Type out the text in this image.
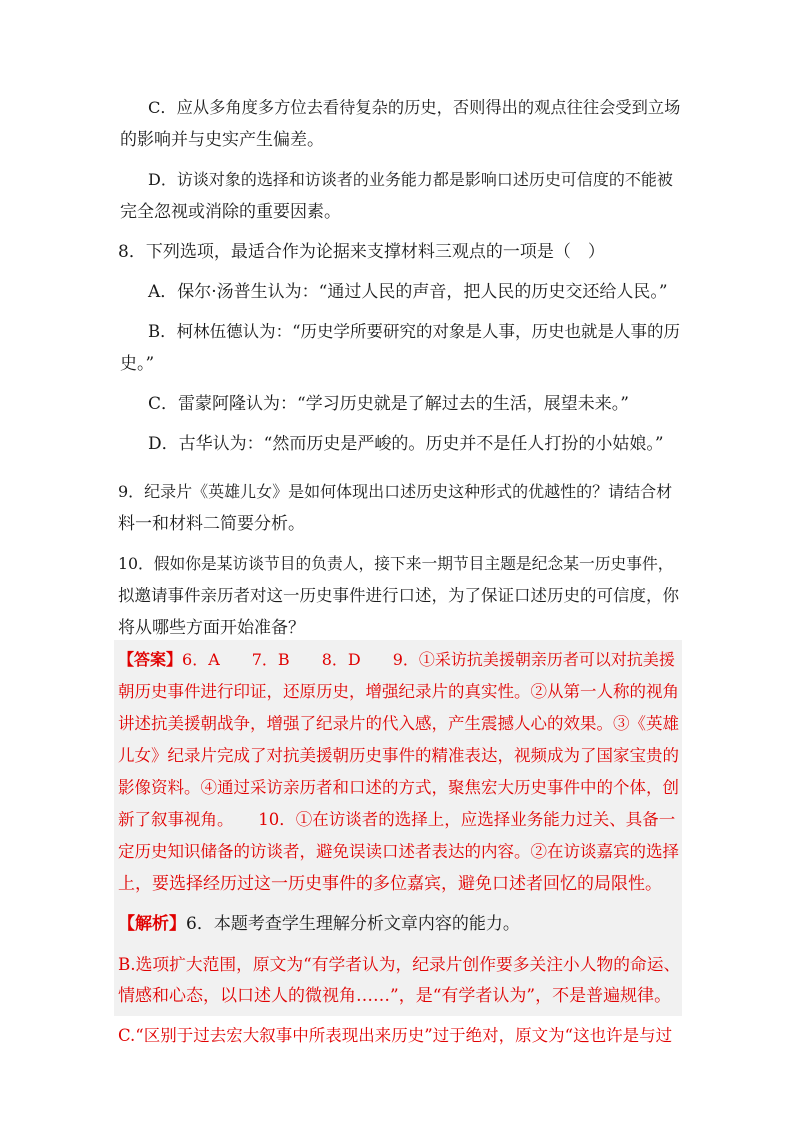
C．应从多角度多方位去看待复杂的历史，否则得出的观点往往会受到立场
的影响并与史实产生偏差。
D．访谈对象的选择和访谈者的业务能力都是影响口述历史可信度的不能被
完全忽视或消除的重要因素。
8．下列选项，最适合作为论据来支撑材料三观点的一项是（　）
A．保尔·汤普生认为：“通过人民的声音，把人民的历史交还给人民。”
B．柯林伍德认为：“历史学所要研究的对象是人事，历史也就是人事的历
史。”
C．雷蒙阿隆认为：“学习历史就是了解过去的生活，展望未来。”
D．古华认为：“然而历史是严峻的。历史并不是任人打扮的小姑娘。”
9．纪录片《英雄儿女》是如何体现出口述历史这种形式的优越性的？请结合材
料一和材料二简要分析。
10．假如你是某访谈节目的负责人，接下来一期节目主题是纪念某一历史事件，
拟邀请事件亲历者对这一历史事件进行口述，为了保证口述历史的可信度，你
将从哪些方面开始准备？
【答案】6．A　　7．B　　8．D　　9．①采访抗美援朝亲历者可以对抗美援
朝历史事件进行印证，还原历史，增强纪录片的真实性。②从第一人称的视角
讲述抗美援朝战争，增强了纪录片的代入感，产生震撼人心的效果。③《英雄
儿女》纪录片完成了对抗美援朝历史事件的精准表达，视频成为了国家宝贵的
影像资料。④通过采访亲历者和口述的方式，聚焦宏大历史事件中的个体，创
新了叙事视角。　　10．①在访谈者的选择上，应选择业务能力过关、具备一
定历史知识储备的访谈者，避免误读口述者表达的内容。②在访谈嘉宾的选择
上，要选择经历过这一历史事件的多位嘉宾，避免口述者回忆的局限性。
【解析】6．本题考查学生理解分析文章内容的能力。
B.选项扩大范围，原文为“有学者认为，纪录片创作要多关注小人物的命运、
情感和心态，以口述人的微视角……”，是“有学者认为”，不是普遍规律。
C.“区别于过去宏大叙事中所表现出来历史”过于绝对，原文为“这也许是与过
